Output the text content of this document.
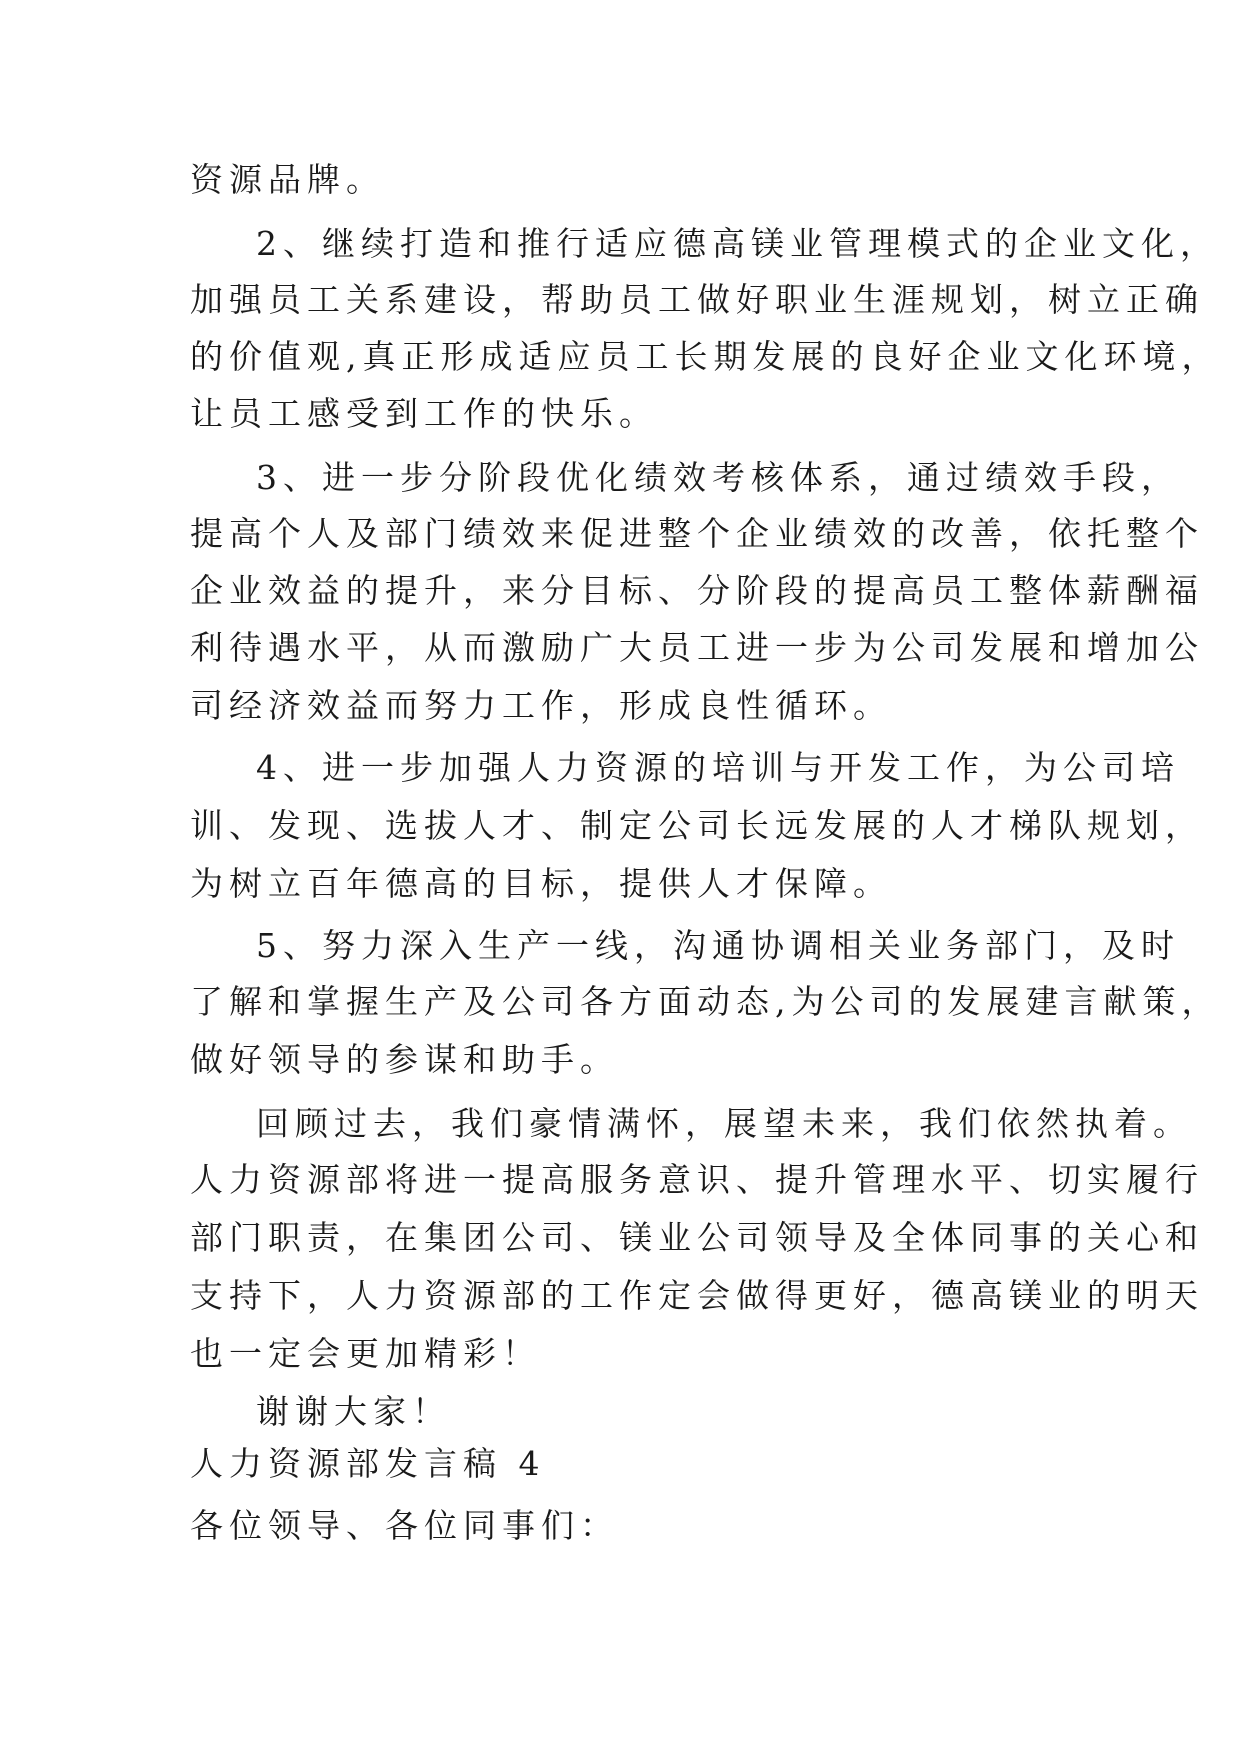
资源品牌。
2、继续打造和推行适应德高镁业管理模式的企业文化，
加强员工关系建设，帮助员工做好职业生涯规划，树立正确
的价值观,真正形成适应员工长期发展的良好企业文化环境，
让员工感受到工作的快乐。
3、进一步分阶段优化绩效考核体系，通过绩效手段，
提高个人及部门绩效来促进整个企业绩效的改善，依托整个
企业效益的提升，来分目标、分阶段的提高员工整体薪酬福
利待遇水平，从而激励广大员工进一步为公司发展和增加公
司经济效益而努力工作，形成良性循环。
4、进一步加强人力资源的培训与开发工作，为公司培
训、发现、选拔人才、制定公司长远发展的人才梯队规划，
为树立百年德高的目标，提供人才保障。
5、努力深入生产一线，沟通协调相关业务部门，及时
了解和掌握生产及公司各方面动态,为公司的发展建言献策，
做好领导的参谋和助手。
回顾过去，我们豪情满怀，展望未来，我们依然执着。
人力资源部将进一提高服务意识、提升管理水平、切实履行
部门职责，在集团公司、镁业公司领导及全体同事的关心和
支持下，人力资源部的工作定会做得更好，德高镁业的明天
也一定会更加精彩！
谢谢大家！
人力资源部发言稿 4
各位领导、各位同事们：
